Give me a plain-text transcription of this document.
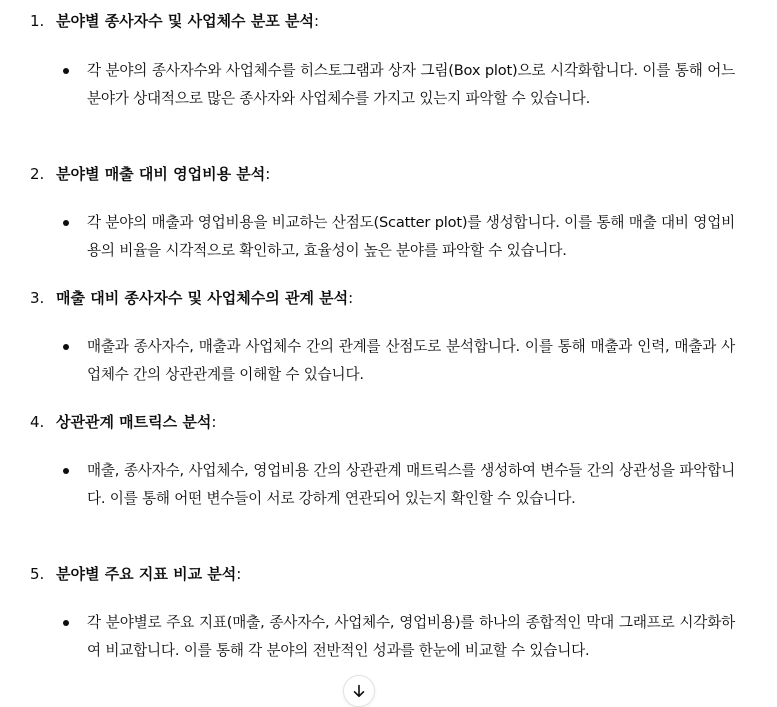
1. 분야별 종사자수 및 사업체수 분포 분석:
각 분야의 종사자수와 사업체수를 히스토그램과 상자 그림(Box plot)으로 시각화합니다. 이를 통해 어느 분야가 상대적으로 많은 종사자와 사업체수를 가지고 있는지 파악할 수 있습니다.
2. 분야별 매출 대비 영업비용 분석:
각 분야의 매출과 영업비용을 비교하는 산점도(Scatter plot)를 생성합니다. 이를 통해 매출 대비 영업비용의 비율을 시각적으로 확인하고, 효율성이 높은 분야를 파악할 수 있습니다.
3. 매출 대비 종사자수 및 사업체수의 관계 분석:
매출과 종사자수, 매출과 사업체수 간의 관계를 산점도로 분석합니다. 이를 통해 매출과 인력, 매출과 사업체수 간의 상관관계를 이해할 수 있습니다.
4. 상관관계 매트릭스 분석:
매출, 종사자수, 사업체수, 영업비용 간의 상관관계 매트릭스를 생성하여 변수들 간의 상관성을 파악합니다. 이를 통해 어떤 변수들이 서로 강하게 연관되어 있는지 확인할 수 있습니다.
5. 분야별 주요 지표 비교 분석:
각 분야별로 주요 지표(매출, 종사자수, 사업체수, 영업비용)를 하나의 종합적인 막대 그래프로 시각화하여 비교합니다. 이를 통해 각 분야의 전반적인 성과를 한눈에 비교할 수 있습니다.
